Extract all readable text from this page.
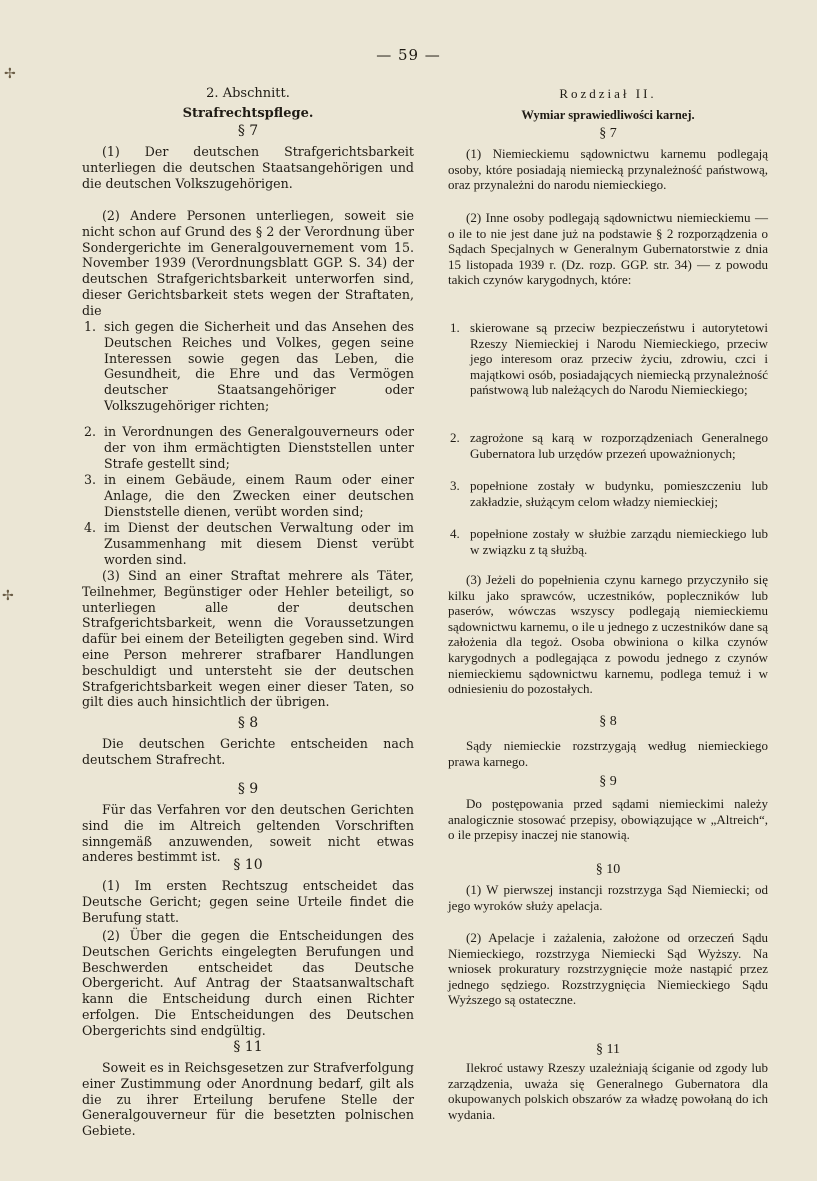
✢
✢
— 59 —
2. Abschnitt.
Strafrechtspflege.
§ 7
(1) Der deutschen Strafgerichtsbarkeit unterliegen die deutschen Staatsangehörigen und die deutschen Volkszugehörigen.
(2) Andere Personen unterliegen, soweit sie nicht schon auf Grund des § 2 der Verordnung über Sondergerichte im Generalgouvernement vom 15. November 1939 (Verordnungsblatt GGP. S. 34) der deutschen Strafgerichtsbarkeit unterworfen sind, dieser Gerichtsbarkeit stets wegen der Straftaten, die
1. sich gegen die Sicherheit und das Ansehen des Deutschen Reiches und Volkes, gegen seine Interessen sowie gegen das Leben, die Gesundheit, die Ehre und das Vermögen deutscher Staatsangehöriger oder Volkszugehöriger richten;
2. in Verordnungen des Generalgouverneurs oder der von ihm ermächtigten Dienststellen unter Strafe gestellt sind;
3. in einem Gebäude, einem Raum oder einer Anlage, die den Zwecken einer deutschen Dienststelle dienen, verübt worden sind;
4. im Dienst der deutschen Verwaltung oder im Zusammenhang mit diesem Dienst verübt worden sind.
(3) Sind an einer Straftat mehrere als Täter, Teilnehmer, Begünstiger oder Hehler beteiligt, so unterliegen alle der deutschen Strafgerichtsbarkeit, wenn die Voraussetzungen dafür bei einem der Beteiligten gegeben sind. Wird eine Person mehrerer strafbarer Handlungen beschuldigt und untersteht sie der deutschen Strafgerichtsbarkeit wegen einer dieser Taten, so gilt dies auch hinsichtlich der übrigen.
§ 8
Die deutschen Gerichte entscheiden nach deutschem Strafrecht.
§ 9
Für das Verfahren vor den deutschen Gerichten sind die im Altreich geltenden Vorschriften sinngemäß anzuwenden, soweit nicht etwas anderes bestimmt ist.
§ 10
(1) Im ersten Rechtszug entscheidet das Deutsche Gericht; gegen seine Urteile findet die Berufung statt.
(2) Über die gegen die Entscheidungen des Deutschen Gerichts eingelegten Berufungen und Beschwerden entscheidet das Deutsche Obergericht. Auf Antrag der Staatsanwaltschaft kann die Entscheidung durch einen Richter erfolgen. Die Entscheidungen des Deutschen Obergerichts sind endgültig.
§ 11
Soweit es in Reichsgesetzen zur Strafverfolgung einer Zustimmung oder Anordnung bedarf, gilt als die zu ihrer Erteilung berufene Stelle der Generalgouverneur für die besetzten polnischen Gebiete.
Rozdział II.
Wymiar sprawiedliwości karnej.
§ 7
(1) Niemieckiemu sądownictwu karnemu podlegają osoby, które posiadają niemiecką przynależność państwową, oraz przynależni do narodu niemieckiego.
(2) Inne osoby podlegają sądownictwu niemieckiemu — o ile to nie jest dane już na podstawie § 2 rozporządzenia o Sądach Specjalnych w Generalnym Gubernatorstwie z dnia 15 listopada 1939 r. (Dz. rozp. GGP. str. 34) — z powodu takich czynów karygodnych, które:
1. skierowane są przeciw bezpieczeństwu i autorytetowi Rzeszy Niemieckiej i Narodu Niemieckiego, przeciw jego interesom oraz przeciw życiu, zdrowiu, czci i majątkowi osób, posiadających niemiecką przynależność państwową lub należących do Narodu Niemieckiego;
2. zagrożone są karą w rozporządzeniach Generalnego Gubernatora lub urzędów przezeń upoważnionych;
3. popełnione zostały w budynku, pomieszczeniu lub zakładzie, służącym celom władzy niemieckiej;
4. popełnione zostały w służbie zarządu niemieckiego lub w związku z tą służbą.
(3) Jeżeli do popełnienia czynu karnego przyczyniło się kilku jako sprawców, uczestników, popleczników lub paserów, wówczas wszyscy podlegają niemieckiemu sądownictwu karnemu, o ile u jednego z uczestników dane są założenia dla tegoż. Osoba obwiniona o kilka czynów karygodnych a podlegająca z powodu jednego z czynów niemieckiemu sądownictwu karnemu, podlega temuż i w odniesieniu do pozostałych.
§ 8
Sądy niemieckie rozstrzygają według niemieckiego prawa karnego.
§ 9
Do postępowania przed sądami niemieckimi należy analogicznie stosować przepisy, obowiązujące w „Altreich“, o ile przepisy inaczej nie stanowią.
§ 10
(1) W pierwszej instancji rozstrzyga Sąd Niemiecki; od jego wyroków służy apelacja.
(2) Apelacje i zażalenia, założone od orzeczeń Sądu Niemieckiego, rozstrzyga Niemiecki Sąd Wyższy. Na wniosek prokuratury rozstrzygnięcie może nastąpić przez jednego sędziego. Rozstrzygnięcia Niemieckiego Sądu Wyższego są ostateczne.
§ 11
Ilekroć ustawy Rzeszy uzależniają ściganie od zgody lub zarządzenia, uważa się Generalnego Gubernatora dla okupowanych polskich obszarów za władzę powołaną do ich wydania.
